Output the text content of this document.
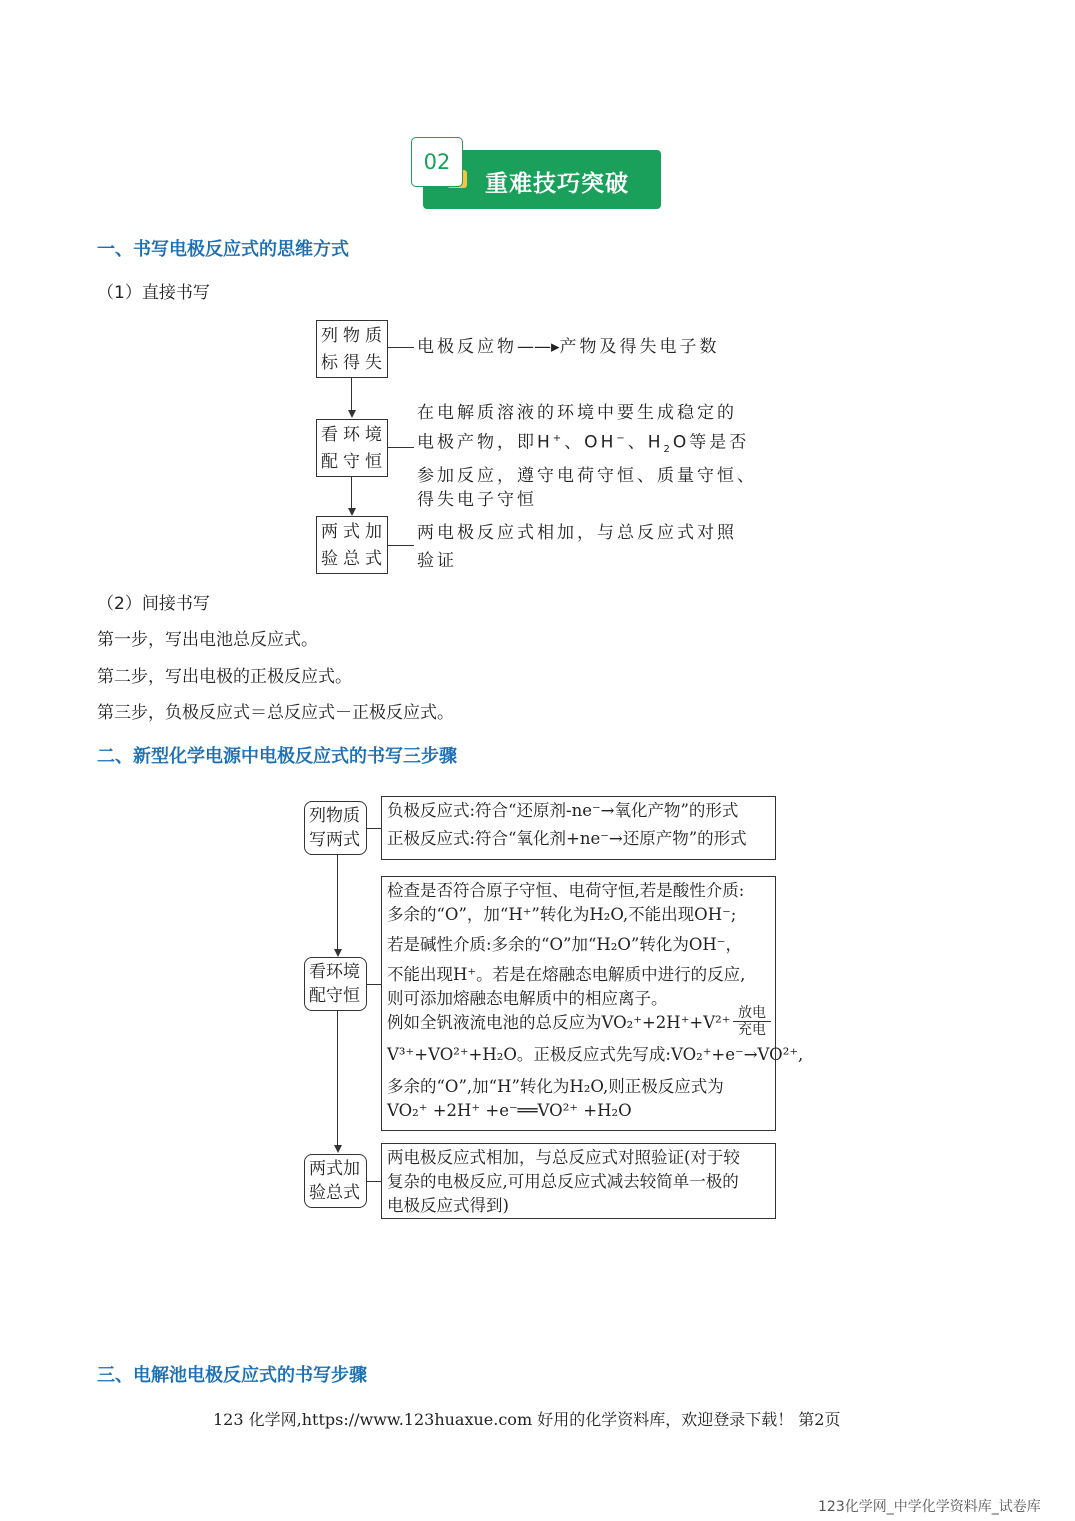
重难技巧突破
02
一、书写电极反应式的思维方式
（1）直接书写
列物质
标得失
电极反应物——▸产物及得失电子数
看环境
配守恒
在电解质溶液的环境中要生成稳定的
电极产物，即H+、OH−、$H_2O$等是否
参加反应，遵守电荷守恒、质量守恒、
得失电子守恒
两式加
验总式
两电极反应式相加，与总反应式对照
验证
（2）间接书写
第一步，写出电池总反应式。
第二步，写出电极的正极反应式。
第三步，负极反应式＝总反应式－正极反应式。
二、新型化学电源中电极反应式的书写三步骤
列物质
写两式
看环境
配守恒
两式加
验总式
负极反应式:符合“还原剂-ne⁻→氧化产物”的形式
正极反应式:符合“氧化剂+ne⁻→还原产物”的形式
检查是否符合原子守恒、电荷守恒,若是酸性介质:
多余的“O”，加“H⁺”转化为H₂O,不能出现OH⁻;
若是碱性介质:多余的“O”加“H₂O”转化为OH⁻，
不能出现H⁺。若是在熔融态电解质中进行的反应,
则可添加熔融态电解质中的相应离子。
例如全钒液流电池的总反应为VO₂⁺+2H⁺+V²⁺ 放电
充电
V³⁺+VO²⁺+H₂O。正极反应式先写成:VO₂⁺+e⁻→VO²⁺,
多余的“O”,加“H”转化为H₂O,则正极反应式为
VO₂⁺ +2H⁺ +e⁻══VO²⁺ +H₂O
两电极反应式相加，与总反应式对照验证(对于较
复杂的电极反应,可用总反应式减去较简单一极的
电极反应式得到)
三、电解池电极反应式的书写步骤
123 化学网,https://www.123huaxue.com 好用的化学资料库，欢迎登录下载！ 第2页
123化学网_中学化学资料库_试卷库
